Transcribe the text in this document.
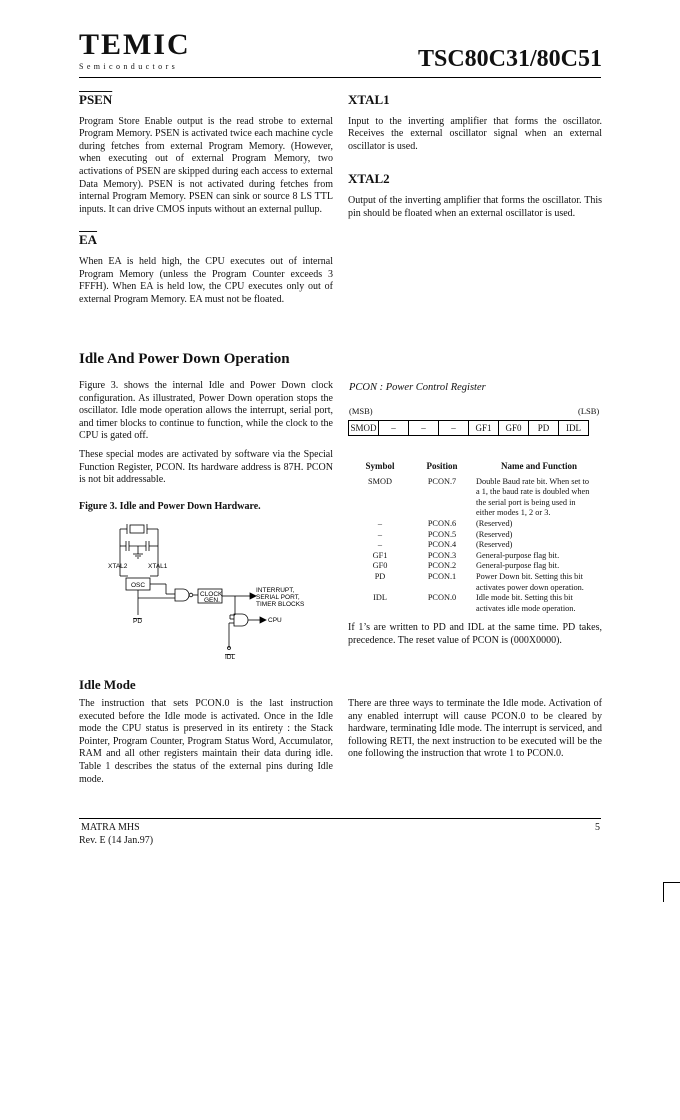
TEMIC
Semiconductors	TSC80C31/80C51
PSEN

Program Store Enable output is the read strobe to external Program Memory. PSEN is activated twice each machine cycle during fetches from external Program Memory. (However, when executing out of external Program Memory, two activations of PSEN are skipped during each access to external Data Memory). PSEN is not activated during fetches from internal Program Memory. PSEN can sink or source 8 LS TTL inputs. It can drive CMOS inputs without an external pullup.

$\overline{EA}$

When EA is held high, the CPU executes out of internal Program Memory (unless the Program Counter exceeds 3 FFFH). When EA is held low, the CPU executes only out of external Program Memory. EA must not be floated.

XTAL1

Input to the inverting amplifier that forms the oscillator. Receives the external oscillator signal when an external oscillator is used.

XTAL2

Output of the inverting amplifier that forms the oscillator. This pin should be floated when an external oscillator is used.

Idle And Power Down Operation

Figure 3. shows the internal Idle and Power Down clock configuration. As illustrated, Power Down operation stops the oscillator. Idle mode operation allows the interrupt, serial port, and timer blocks to continue to function, while the clock to the CPU is gated off.

These special modes are activated by software via the Special Function Register, PCON. Its hardware address is 87H. PCON is not bit addressable.

Figure 3. Idle and Power Down Hardware.
XTAL2	XTAL1
OSC
CLOCK
GEN.
INTERRUPT,
SERIAL PORT,
TIMER BLOCKS
CPU
PD
IDL
PCON : Power Control Register
(MSB)	(LSB)
SMOD	–	–	–	GF1	GF0	PD	IDL
Symbol	Position	Name and Function
SMOD	PCON.7	Double Baud rate bit. When set to
a 1, the baud rate is doubled when
the serial port is being used in
either modes 1, 2 or 3.

–	PCON.6	(Reserved)
–	PCON.5	(Reserved)
–	PCON.4	(Reserved)
GF1	PCON.3	General-purpose flag bit.
GF0	PCON.2	General-purpose flag bit.
PD	PCON.1	Power Down bit. Setting this bit
activates power down operation.

IDL	PCON.0	Idle mode bit. Setting this bit
activates idle mode operation.

If 1’s are written to PD and IDL at the same time. PD takes, precedence. The reset value of PCON is (000X0000).

Idle Mode

The instruction that sets PCON.0 is the last instruction executed before the Idle mode is activated. Once in the Idle mode the CPU status is preserved in its entirety : the Stack Pointer, Program Counter, Program Status Word, Accumulator, RAM and all other registers maintain their data during idle. Table 1 describes the status of the external pins during Idle mode.

There are three ways to terminate the Idle mode. Activation of any enabled interrupt will cause PCON.0 to be cleared by hardware, terminating Idle mode. The interrupt is serviced, and following RETI, the next instruction to be executed will be the one following the instruction that wrote 1 to PCON.0.

MATRA MHS
Rev. E (14 Jan.97)
5
